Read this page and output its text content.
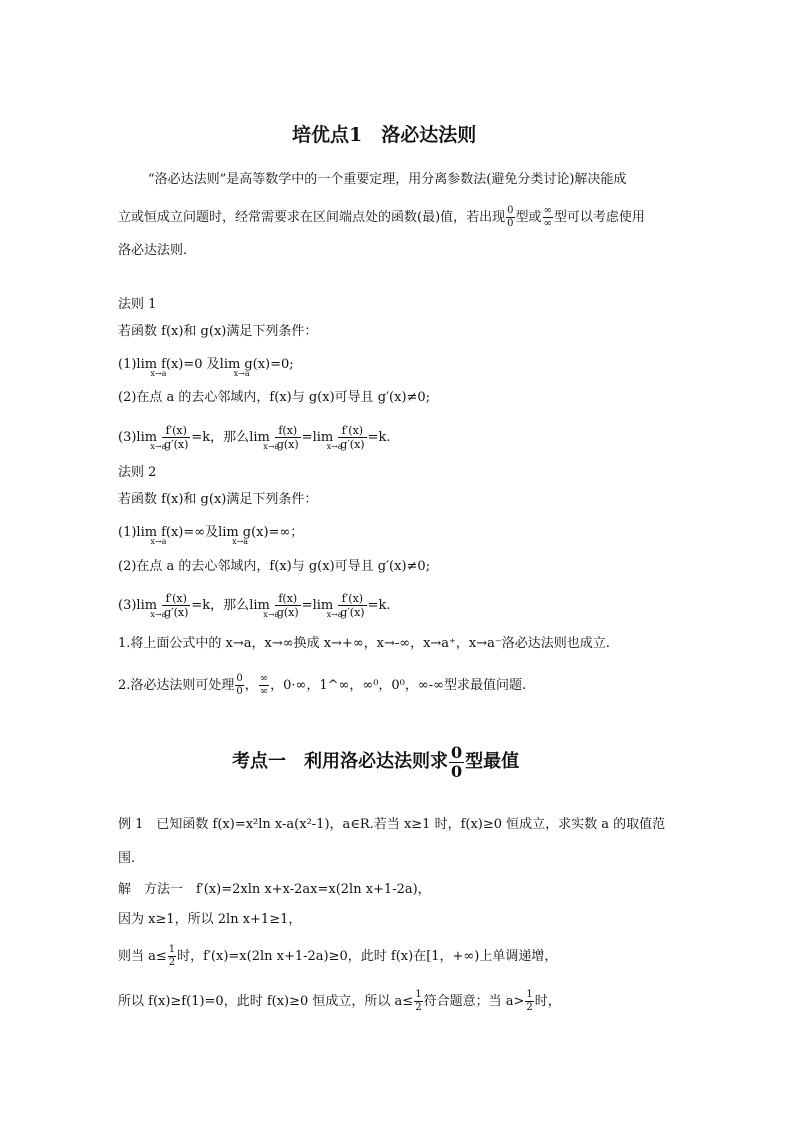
培优点1　洛必达法则
“洛必达法则”是高等数学中的一个重要定理，用分离参数法(避免分类讨论)解决能成
立或恒成立问题时，经常需要求在区间端点处的函数(最)值，若出现 $\frac{0}{0}$ 型或 $\frac{\infty}{\infty}$ 型可以考虑使用
洛必达法则.
法则 1
若函数 f(x)和 g(x)满足下列条件：
(1)lim
x→a
f(x)=0 及lim
x→a
g(x)=0;
(2)在点 a 的去心邻域内，f(x)与 g(x)可导且 g′(x)≠0;
(3)lim
x→a
$\frac{f'(x)}{g'(x)} =k$，那么lim
x→a
$\frac{f(x)}{g(x)} =\lim$
x→a
$\frac{f'(x)}{g'(x)} =k$.
法则 2
若函数 f(x)和 g(x)满足下列条件：
(1)lim
x→a
f(x)=∞及lim
x→a
g(x)=∞；
(2)在点 a 的去心邻域内，f(x)与 g(x)可导且 g′(x)≠0;
(3)lim
x→a
$\frac{f'(x)}{g'(x)} =k$，那么lim
x→a
$\frac{f(x)}{g(x)} =\lim$
x→a
$\frac{f'(x)}{g'(x)} =k$.
1.将上面公式中的 x→a，x→∞换成 x→+∞，x→-∞，x→a⁺，x→a⁻洛必达法则也成立.
2.洛必达法则可处理 $\frac{0}{0}$ ， $\frac{\infty}{\infty}$ ，0·∞，1^∞，∞⁰，0⁰，∞-∞型求最值问题.
考点一　利用洛必达法则求 $\frac{0}{0}$ 型最值
例 1　已知函数 f(x)=x²ln x-a(x²-1)，a∈R.若当 x≥1 时，f(x)≥0 恒成立，求实数 a 的取值范
围.
解　方法一　f′(x)=2xln x+x-2ax=x(2ln x+1-2a)，
因为 x≥1，所以 2ln x+1≥1，
则当 $a\le \frac{1}{2}$ 时，f′(x)=x(2ln x+1-2a)≥0，此时 f(x)在[1，+∞)上单调递增，
所以 f(x)≥f(1)=0，此时 f(x)≥0 恒成立，所以 $a\le \frac{1}{2}$ 符合题意；当 $a> \frac{1}{2}$ 时，
